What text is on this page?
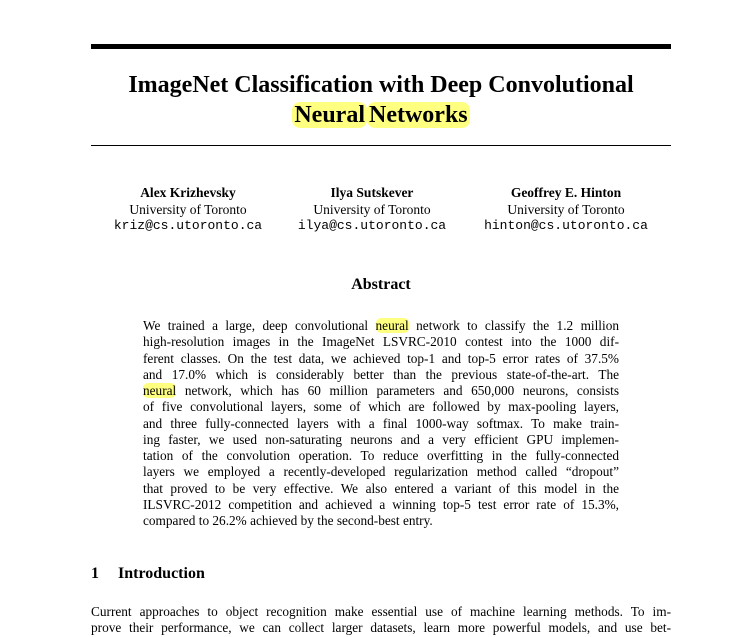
ImageNet Classification with Deep Convolutional
Neural Networks
Alex Krizhevsky
University of Toronto
kriz@cs.utoronto.ca
Ilya Sutskever
University of Toronto
ilya@cs.utoronto.ca
Geoffrey E. Hinton
University of Toronto
hinton@cs.utoronto.ca
Abstract
We trained a large, deep convolutional neural network to classify the 1.2 million
high-resolution images in the ImageNet LSVRC-2010 contest into the 1000 dif-
ferent classes. On the test data, we achieved top-1 and top-5 error rates of 37.5%
and 17.0% which is considerably better than the previous state-of-the-art. The
neural network, which has 60 million parameters and 650,000 neurons, consists
of five convolutional layers, some of which are followed by max-pooling layers,
and three fully-connected layers with a final 1000-way softmax. To make train-
ing faster, we used non-saturating neurons and a very efficient GPU implemen-
tation of the convolution operation. To reduce overfitting in the fully-connected
layers we employed a recently-developed regularization method called “dropout”
that proved to be very effective. We also entered a variant of this model in the
ILSVRC-2012 competition and achieved a winning top-5 test error rate of 15.3%,
compared to 26.2% achieved by the second-best entry.
1 Introduction
Current approaches to object recognition make essential use of machine learning methods. To im-
prove their performance, we can collect larger datasets, learn more powerful models, and use bet-
